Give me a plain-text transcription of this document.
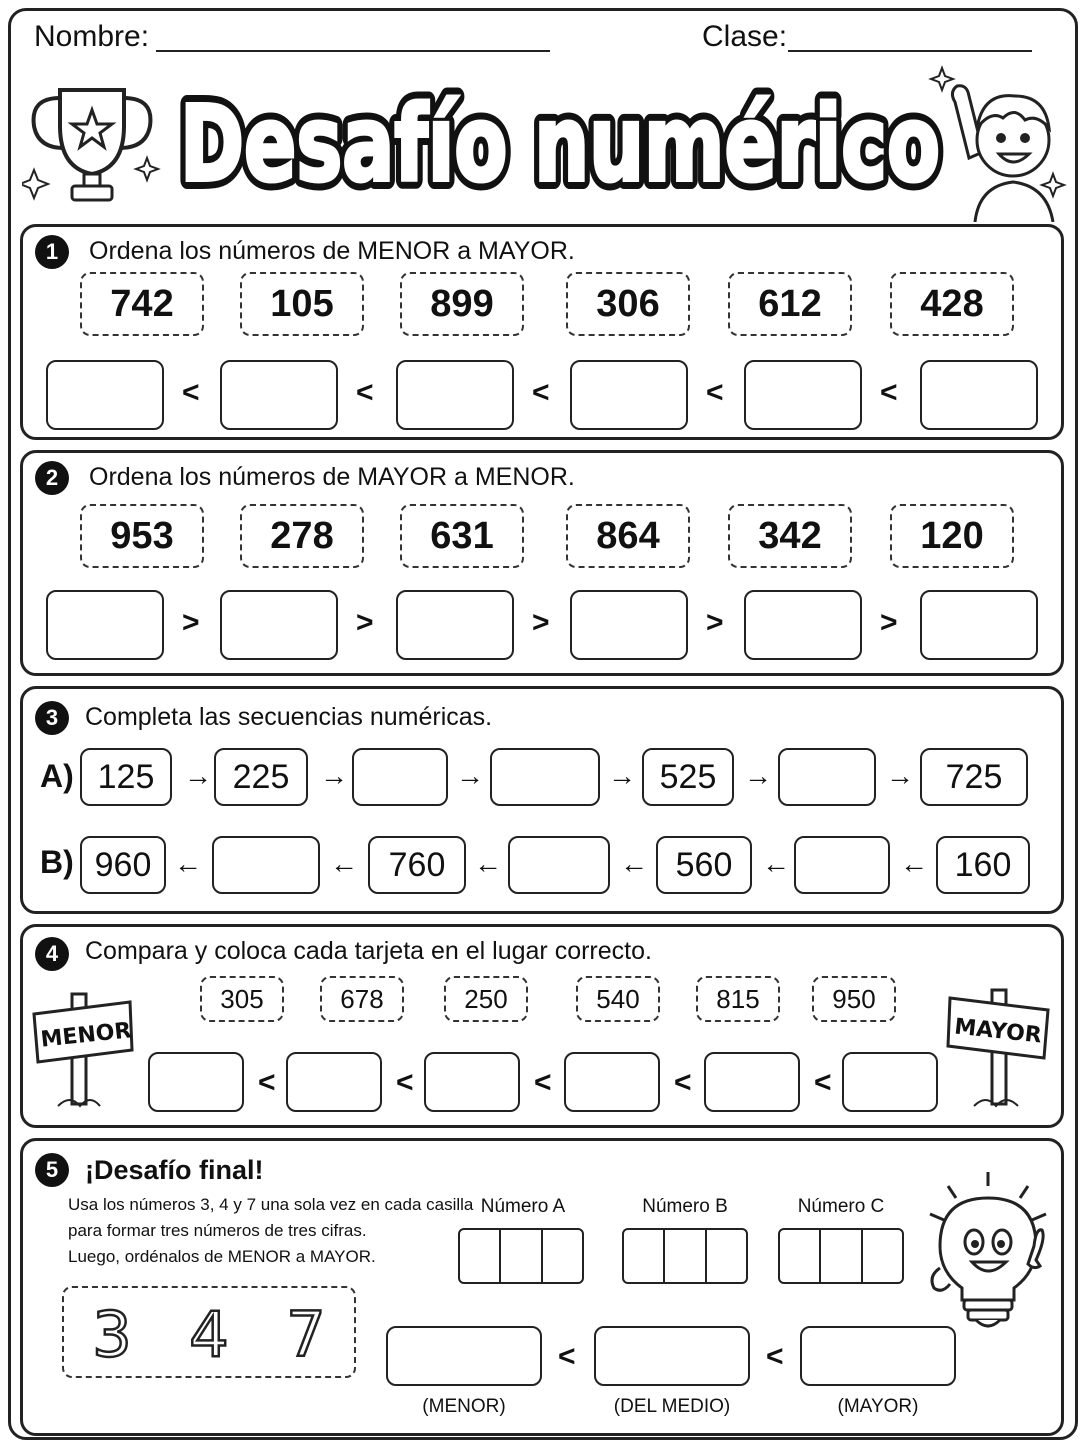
Nombre:	Clase:
Desafío numérico
Desafío numérico
1	Ordena los números de MENOR a MAYOR.
2	Ordena los números de MAYOR a MENOR.
3	Completa las secuencias numéricas.
A)
B)
4	Compara y coloca cada tarjeta en el lugar correcto.
MENOR	MAYOR
5 ¡Desafío final!
Usa los números 3, 4 y 7 una sola vez en cada casilla
para formar tres números de tres cifras.
Luego, ordénalos de MENOR a MAYOR.
3 4 7
Número A	Número B	Número C
<	<
(MENOR)	(DEL MEDIO)	(MAYOR)
742	105	899	306	612	428
<	<	<	<	<
953	278	631	864	342	120
>	>	>	>	>
125	225	525	725
→	→	→	→	→	→
960	760	560	160
←	←	←	←	←	←
305	678	250	540	815	950
<	<	<	<	<
